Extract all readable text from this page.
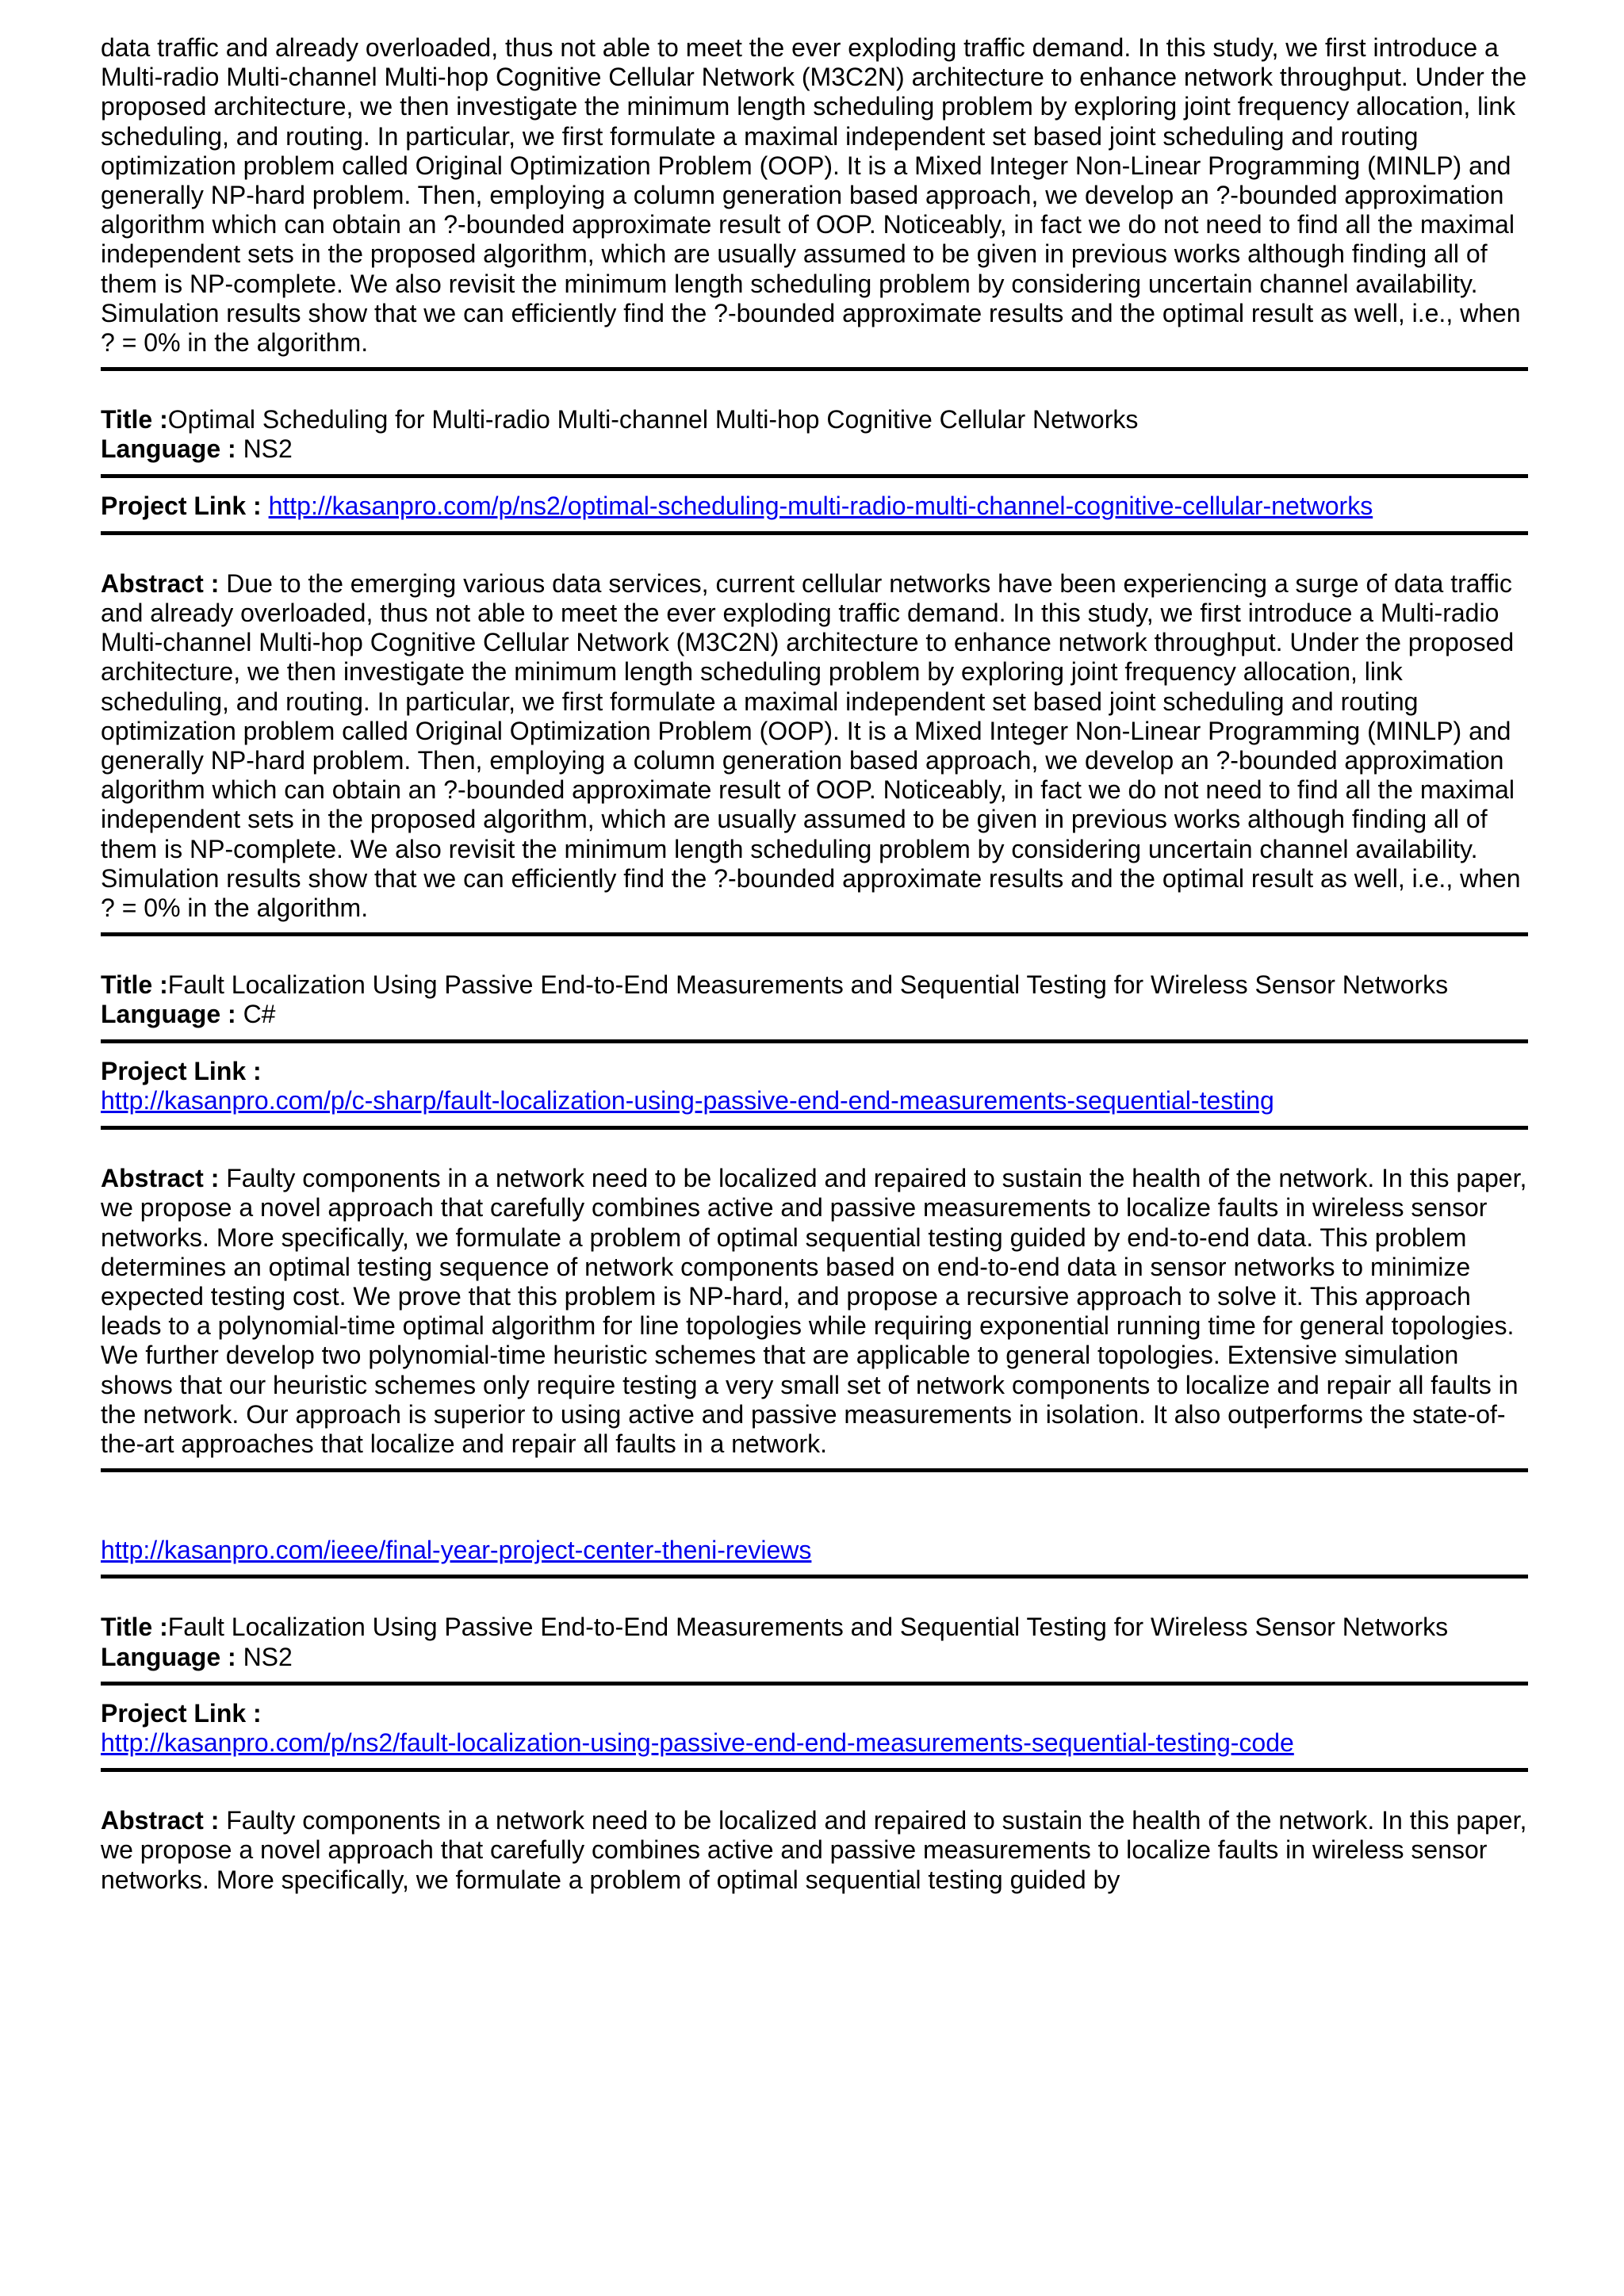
data traffic and already overloaded, thus not able to meet the ever exploding traffic demand. In this study, we first introduce a Multi-radio Multi-channel Multi-hop Cognitive Cellular Network (M3C2N) architecture to enhance network throughput. Under the proposed architecture, we then investigate the minimum length scheduling problem by exploring joint frequency allocation, link scheduling, and routing. In particular, we first formulate a maximal independent set based joint scheduling and routing optimization problem called Original Optimization Problem (OOP). It is a Mixed Integer Non-Linear Programming (MINLP) and generally NP-hard problem. Then, employing a column generation based approach, we develop an ?-bounded approximation algorithm which can obtain an ?-bounded approximate result of OOP. Noticeably, in fact we do not need to find all the maximal independent sets in the proposed algorithm, which are usually assumed to be given in previous works although finding all of them is NP-complete. We also revisit the minimum length scheduling problem by considering uncertain channel availability. Simulation results show that we can efficiently find the ?-bounded approximate results and the optimal result as well, i.e., when ? = 0% in the algorithm.

Title :Optimal Scheduling for Multi-radio Multi-channel Multi-hop Cognitive Cellular Networks

Language : NS2

Project Link : http://kasanpro.com/p/ns2/optimal-scheduling-multi-radio-multi-channel-cognitive-cellular-networks

Abstract : Due to the emerging various data services, current cellular networks have been experiencing a surge of data traffic and already overloaded, thus not able to meet the ever exploding traffic demand. In this study, we first introduce a Multi-radio Multi-channel Multi-hop Cognitive Cellular Network (M3C2N) architecture to enhance network throughput. Under the proposed architecture, we then investigate the minimum length scheduling problem by exploring joint frequency allocation, link scheduling, and routing. In particular, we first formulate a maximal independent set based joint scheduling and routing optimization problem called Original Optimization Problem (OOP). It is a Mixed Integer Non-Linear Programming (MINLP) and generally NP-hard problem. Then, employing a column generation based approach, we develop an ?-bounded approximation algorithm which can obtain an ?-bounded approximate result of OOP. Noticeably, in fact we do not need to find all the maximal independent sets in the proposed algorithm, which are usually assumed to be given in previous works although finding all of them is NP-complete. We also revisit the minimum length scheduling problem by considering uncertain channel availability. Simulation results show that we can efficiently find the ?-bounded approximate results and the optimal result as well, i.e., when ? = 0% in the algorithm.

Title :Fault Localization Using Passive End-to-End Measurements and Sequential Testing for Wireless Sensor Networks

Language : C#

Project Link :

http://kasanpro.com/p/c-sharp/fault-localization-using-passive-end-end-measurements-sequential-testing

Abstract : Faulty components in a network need to be localized and repaired to sustain the health of the network. In this paper, we propose a novel approach that carefully combines active and passive measurements to localize faults in wireless sensor networks. More specifically, we formulate a problem of optimal sequential testing guided by end-to-end data. This problem determines an optimal testing sequence of network components based on end-to-end data in sensor networks to minimize expected testing cost. We prove that this problem is NP-hard, and propose a recursive approach to solve it. This approach leads to a polynomial-time optimal algorithm for line topologies while requiring exponential running time for general topologies. We further develop two polynomial-time heuristic schemes that are applicable to general topologies. Extensive simulation shows that our heuristic schemes only require testing a very small set of network components to localize and repair all faults in the network. Our approach is superior to using active and passive measurements in isolation. It also outperforms the state-of-the-art approaches that localize and repair all faults in a network.

http://kasanpro.com/ieee/final-year-project-center-theni-reviews

Title :Fault Localization Using Passive End-to-End Measurements and Sequential Testing for Wireless Sensor Networks

Language : NS2

Project Link :

http://kasanpro.com/p/ns2/fault-localization-using-passive-end-end-measurements-sequential-testing-code

Abstract : Faulty components in a network need to be localized and repaired to sustain the health of the network. In this paper, we propose a novel approach that carefully combines active and passive measurements to localize faults in wireless sensor networks. More specifically, we formulate a problem of optimal sequential testing guided by
